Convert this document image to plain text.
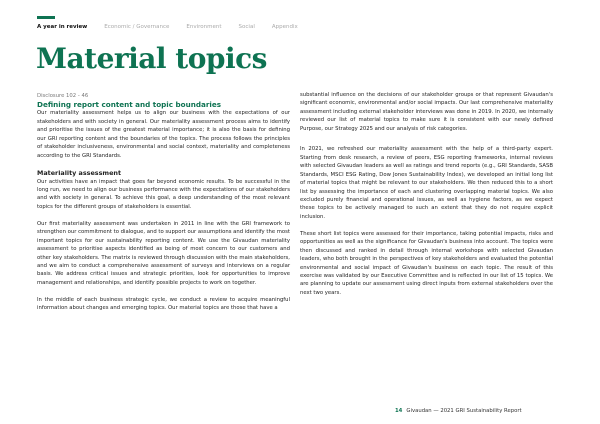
A year in review	Economic / Governance	Environment	Social	Appendix
Material topics
Disclosure 102 - 46
Defining report content and topic boundaries

Our materiality assessment helps us to align our business with the expectations of our stakeholders and with society in general. Our materiality assessment process aims to identify and prioritise the issues of the greatest material importance; it is also the basis for defining our GRI reporting content and the boundaries of the topics. The process follows the principles of stakeholder inclusiveness, environmental and social context, materiality and completeness according to the GRI Standards.

Materiality assessment

Our activities have an impact that goes far beyond economic results. To be successful in the long run, we need to align our business performance with the expectations of our stakeholders and with society in general. To achieve this goal, a deep understanding of the most relevant topics for the different groups of stakeholders is essential.

Our first materiality assessment was undertaken in 2011 in line with the GRI framework to strengthen our commitment to dialogue, and to support our assumptions and identify the most important topics for our sustainability reporting content. We use the Givaudan materiality assessment to prioritise aspects identified as being of most concern to our customers and other key stakeholders. The matrix is reviewed through discussion with the main stakeholders, and we aim to conduct a comprehensive assessment of surveys and interviews on a regular basis. We address critical issues and strategic priorities, look for opportunities to improve management and relationships, and identify possible projects to work on together.

In the middle of each business strategic cycle, we conduct a review to acquire meaningful information about changes and emerging topics. Our material topics are those that have a

substantial influence on the decisions of our stakeholder groups or that represent Givaudan's significant economic, environmental and/or social impacts. Our last comprehensive materiality assessment including external stakeholder interviews was done in 2019. In 2020, we internally reviewed our list of material topics to make sure it is consistent with our newly defined Purpose, our Strategy 2025 and our analysis of risk categories.

In 2021, we refreshed our materiality assessment with the help of a third-party expert. Starting from desk research, a review of peers, ESG reporting frameworks, internal reviews with selected Givaudan leaders as well as ratings and trend reports (e.g., GRI Standards, SASB Standards, MSCI ESG Rating, Dow Jones Sustainability Index), we developed an initial long list of material topics that might be relevant to our stakeholders. We then reduced this to a short list by assessing the importance of each and clustering overlapping material topics. We also excluded purely financial and operational issues, as well as hygiene factors, as we expect these topics to be actively managed to such an extent that they do not require explicit inclusion.

These short list topics were assessed for their importance, taking potential impacts, risks and opportunities as well as the significance for Givaudan's business into account. The topics were then discussed and ranked in detail through internal workshops with selected Givaudan leaders, who both brought in the perspectives of key stakeholders and evaluated the potential environmental and social impact of Givaudan's business on each topic. The result of this exercise was validated by our Executive Committee and is reflected in our list of 15 topics. We are planning to update our assessment using direct inputs from external stakeholders over the next two years.

14 Givaudan — 2021 GRI Sustainability Report
